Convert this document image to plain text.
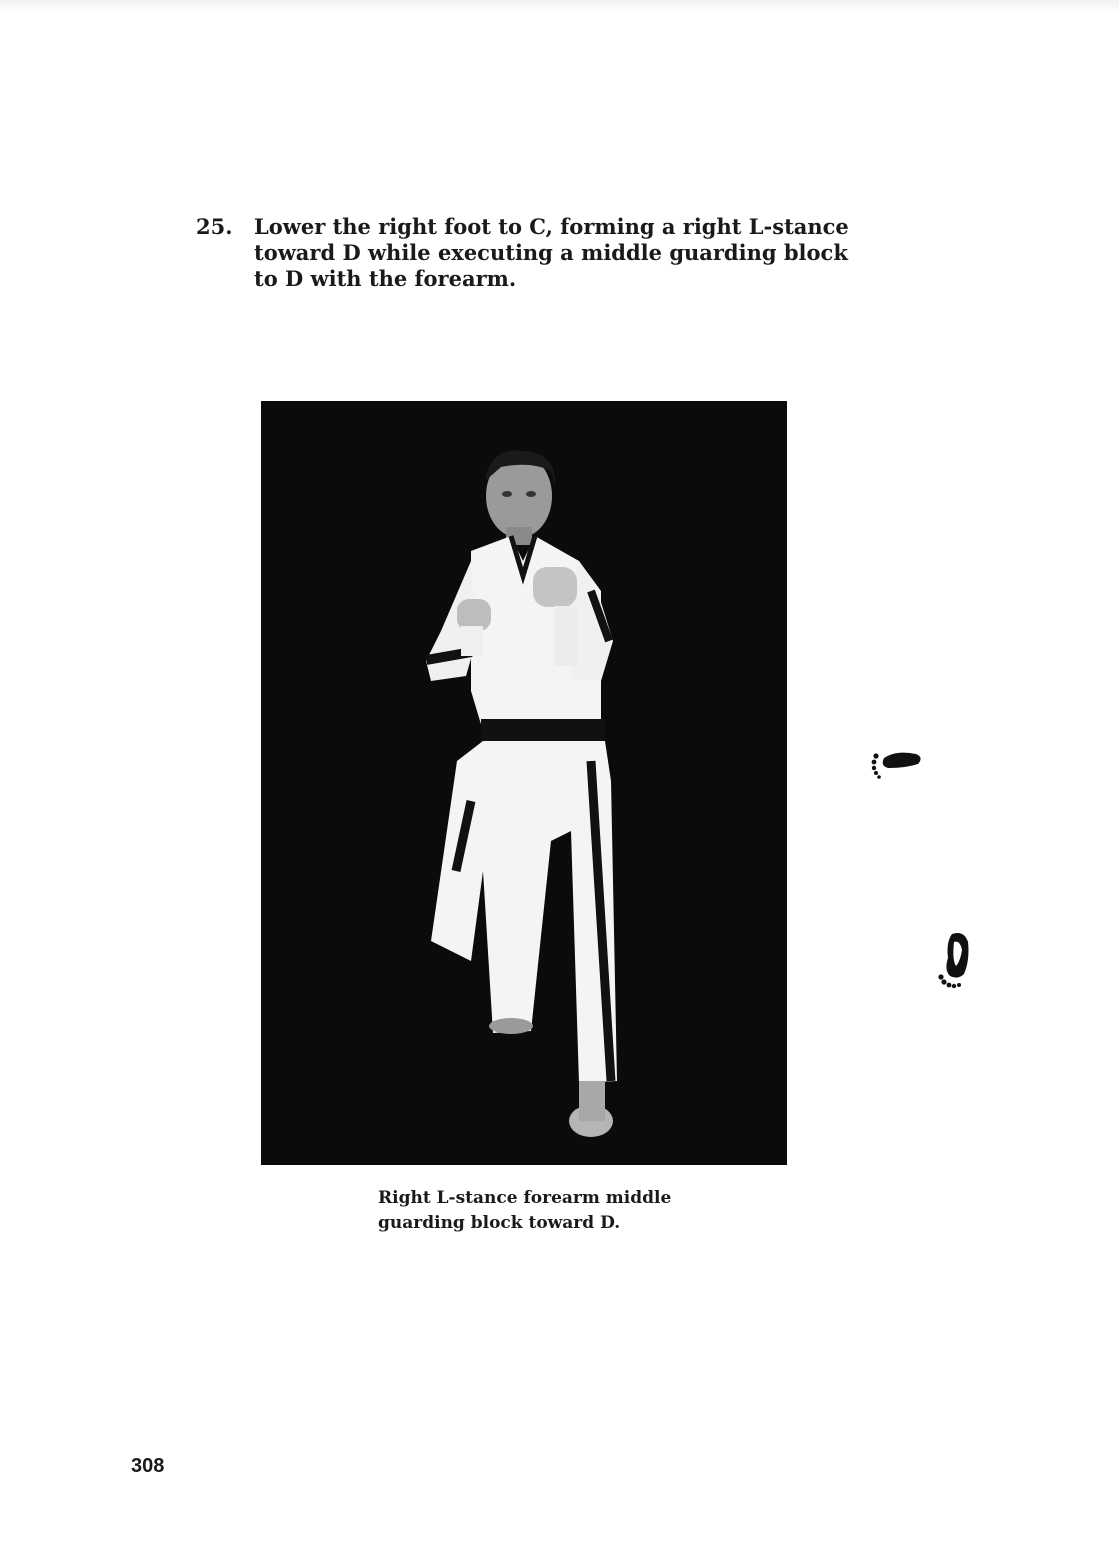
25.	Lower the right foot to C, forming a right L-stance toward D while executing a middle guarding block to D with the forearm.
Right L-stance forearm middle
guarding block toward D.
308
